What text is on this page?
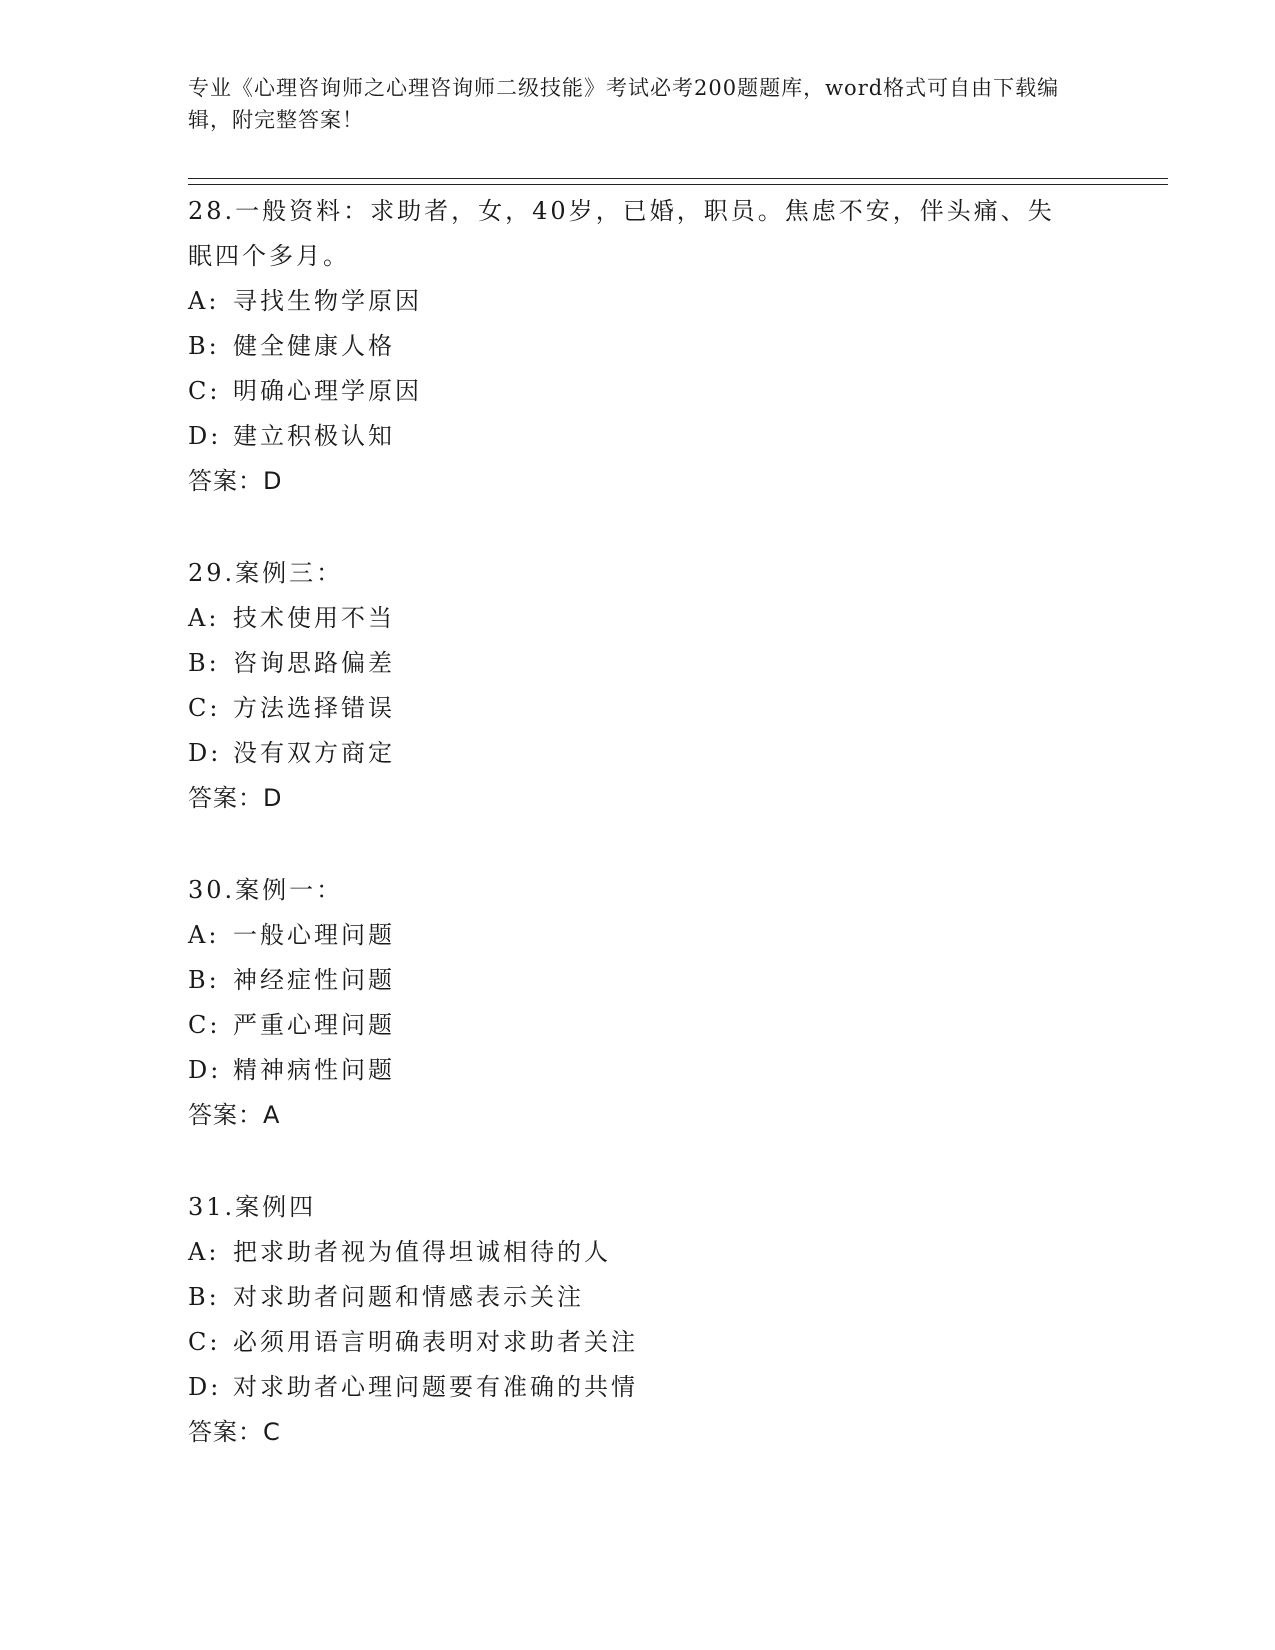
专业《心理咨询师之心理咨询师二级技能》考试必考200题题库，word格式可自由下载编辑，附完整答案！
28.一般资料：求助者，女，40岁，已婚，职员。焦虑不安，伴头痛、失眠四个多月。
A: 寻找生物学原因
B: 健全健康人格
C: 明确心理学原因
D: 建立积极认知
答案：D
29.案例三：
A: 技术使用不当
B: 咨询思路偏差
C: 方法选择错误
D: 没有双方商定
答案：D
30.案例一：
A: 一般心理问题
B: 神经症性问题
C: 严重心理问题
D: 精神病性问题
答案：A
31.案例四
A: 把求助者视为值得坦诚相待的人
B: 对求助者问题和情感表示关注
C: 必须用语言明确表明对求助者关注
D: 对求助者心理问题要有准确的共情
答案：C
